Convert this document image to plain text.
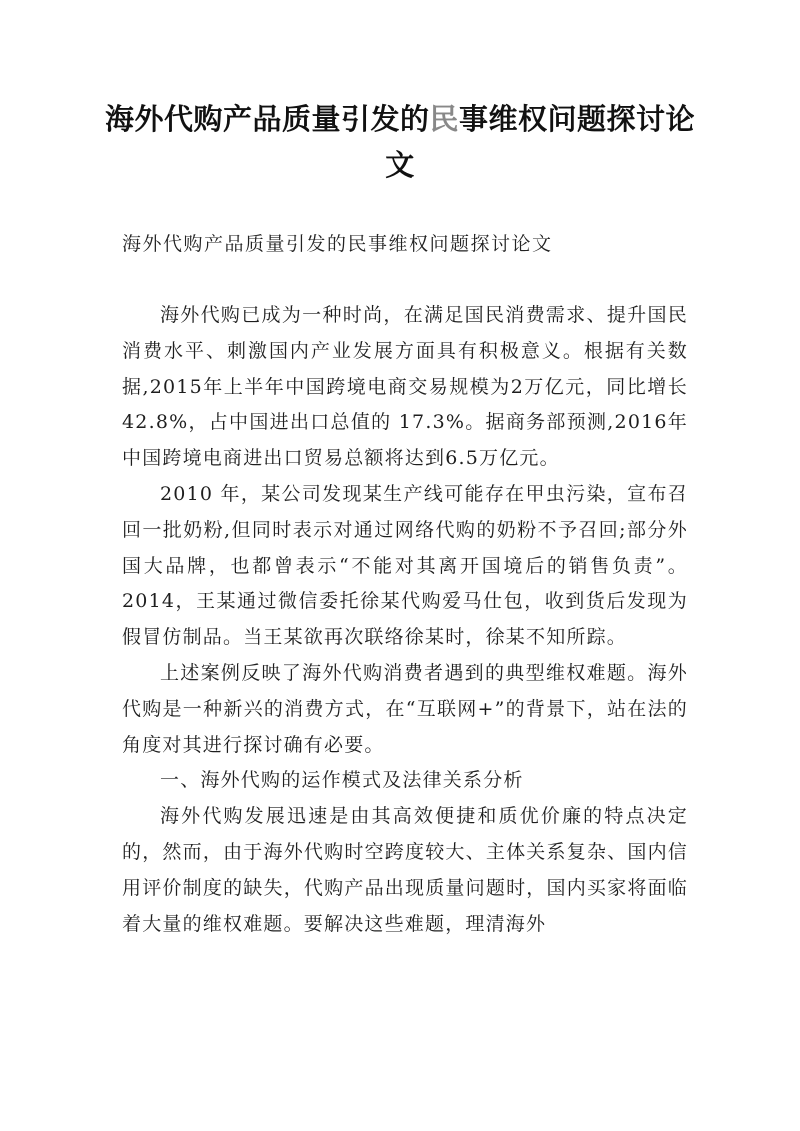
海外代购产品质量引发的民事维权问题探讨论文
海外代购产品质量引发的民事维权问题探讨论文

海外代购已成为一种时尚，在满足国民消费需求、提升国民消费水平、刺激国内产业发展方面具有积极意义。根据有关数据,2015年上半年中国跨境电商交易规模为2万亿元，同比增长 42.8%，占中国进出口总值的 17.3%。据商务部预测,2016年中国跨境电商进出口贸易总额将达到6.5万亿元。

2010 年，某公司发现某生产线可能存在甲虫污染，宣布召回一批奶粉,但同时表示对通过网络代购的奶粉不予召回;部分外国大品牌，也都曾表示“不能对其离开国境后的销售负责”。2014，王某通过微信委托徐某代购爱马仕包，收到货后发现为假冒仿制品。当王某欲再次联络徐某时，徐某不知所踪。

上述案例反映了海外代购消费者遇到的典型维权难题。海外代购是一种新兴的消费方式，在“互联网+”的背景下，站在法的角度对其进行探讨确有必要。

一、海外代购的运作模式及法律关系分析

海外代购发展迅速是由其高效便捷和质优价廉的特点决定的，然而，由于海外代购时空跨度较大、主体关系复杂、国内信用评价制度的缺失，代购产品出现质量问题时，国内买家将面临着大量的维权难题。要解决这些难题，理清海外
